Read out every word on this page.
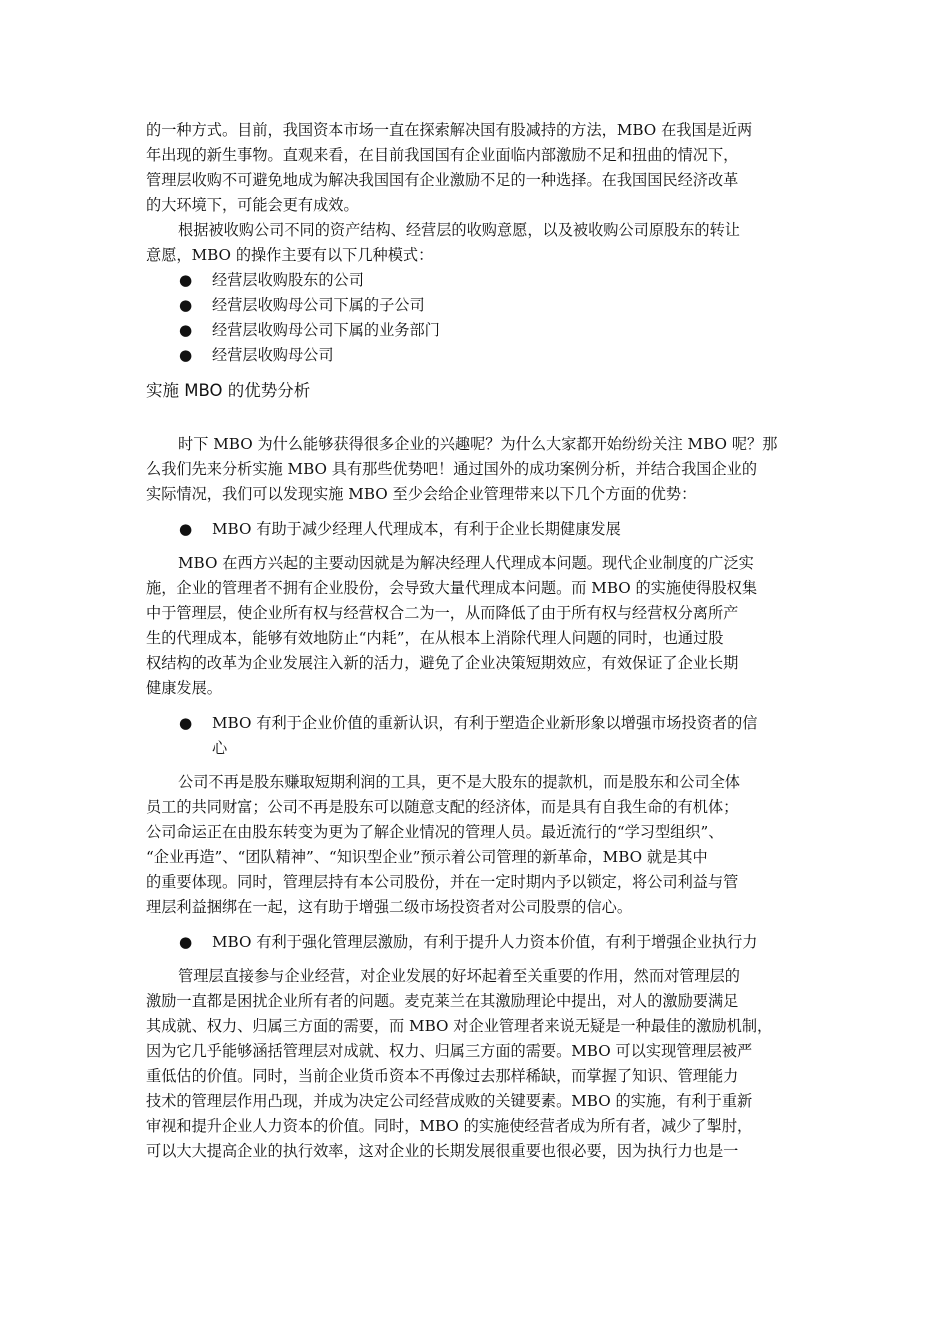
的一种方式。目前，我国资本市场一直在探索解决国有股减持的方法，MBO 在我国是近两
年出现的新生事物。直观来看，在目前我国国有企业面临内部激励不足和扭曲的情况下，
管理层收购不可避免地成为解决我国国有企业激励不足的一种选择。在我国国民经济改革
的大环境下，可能会更有成效。
根据被收购公司不同的资产结构、经营层的收购意愿，以及被收购公司原股东的转让
意愿，MBO 的操作主要有以下几种模式：
● 经营层收购股东的公司
● 经营层收购母公司下属的子公司
● 经营层收购母公司下属的业务部门
● 经营层收购母公司
实施 MBO 的优势分析
时下 MBO 为什么能够获得很多企业的兴趣呢？为什么大家都开始纷纷关注 MBO 呢？那
么我们先来分析实施 MBO 具有那些优势吧！通过国外的成功案例分析，并结合我国企业的
实际情况，我们可以发现实施 MBO 至少会给企业管理带来以下几个方面的优势：
● MBO 有助于减少经理人代理成本，有利于企业长期健康发展
MBO 在西方兴起的主要动因就是为解决经理人代理成本问题。现代企业制度的广泛实
施，企业的管理者不拥有企业股份，会导致大量代理成本问题。而 MBO 的实施使得股权集
中于管理层，使企业所有权与经营权合二为一，从而降低了由于所有权与经营权分离所产
生的代理成本，能够有效地防止“内耗”，在从根本上消除代理人问题的同时，也通过股
权结构的改革为企业发展注入新的活力，避免了企业决策短期效应，有效保证了企业长期
健康发展。
● MBO 有利于企业价值的重新认识，有利于塑造企业新形象以增强市场投资者的信
心
公司不再是股东赚取短期利润的工具，更不是大股东的提款机，而是股东和公司全体
员工的共同财富；公司不再是股东可以随意支配的经济体，而是具有自我生命的有机体；
公司命运正在由股东转变为更为了解企业情况的管理人员。最近流行的“学习型组织”、
“企业再造”、“团队精神”、“知识型企业”预示着公司管理的新革命，MBO 就是其中
的重要体现。同时，管理层持有本公司股份，并在一定时期内予以锁定，将公司利益与管
理层利益捆绑在一起，这有助于增强二级市场投资者对公司股票的信心。
● MBO 有利于强化管理层激励，有利于提升人力资本价值，有利于增强企业执行力
管理层直接参与企业经营，对企业发展的好坏起着至关重要的作用，然而对管理层的
激励一直都是困扰企业所有者的问题。麦克莱兰在其激励理论中提出，对人的激励要满足
其成就、权力、归属三方面的需要，而 MBO 对企业管理者来说无疑是一种最佳的激励机制，
因为它几乎能够涵括管理层对成就、权力、归属三方面的需要。MBO 可以实现管理层被严
重低估的价值。同时，当前企业货币资本不再像过去那样稀缺，而掌握了知识、管理能力
技术的管理层作用凸现，并成为决定公司经营成败的关键要素。MBO 的实施，有利于重新
审视和提升企业人力资本的价值。同时，MBO 的实施使经营者成为所有者，减少了掣肘，
可以大大提高企业的执行效率，这对企业的长期发展很重要也很必要，因为执行力也是一
